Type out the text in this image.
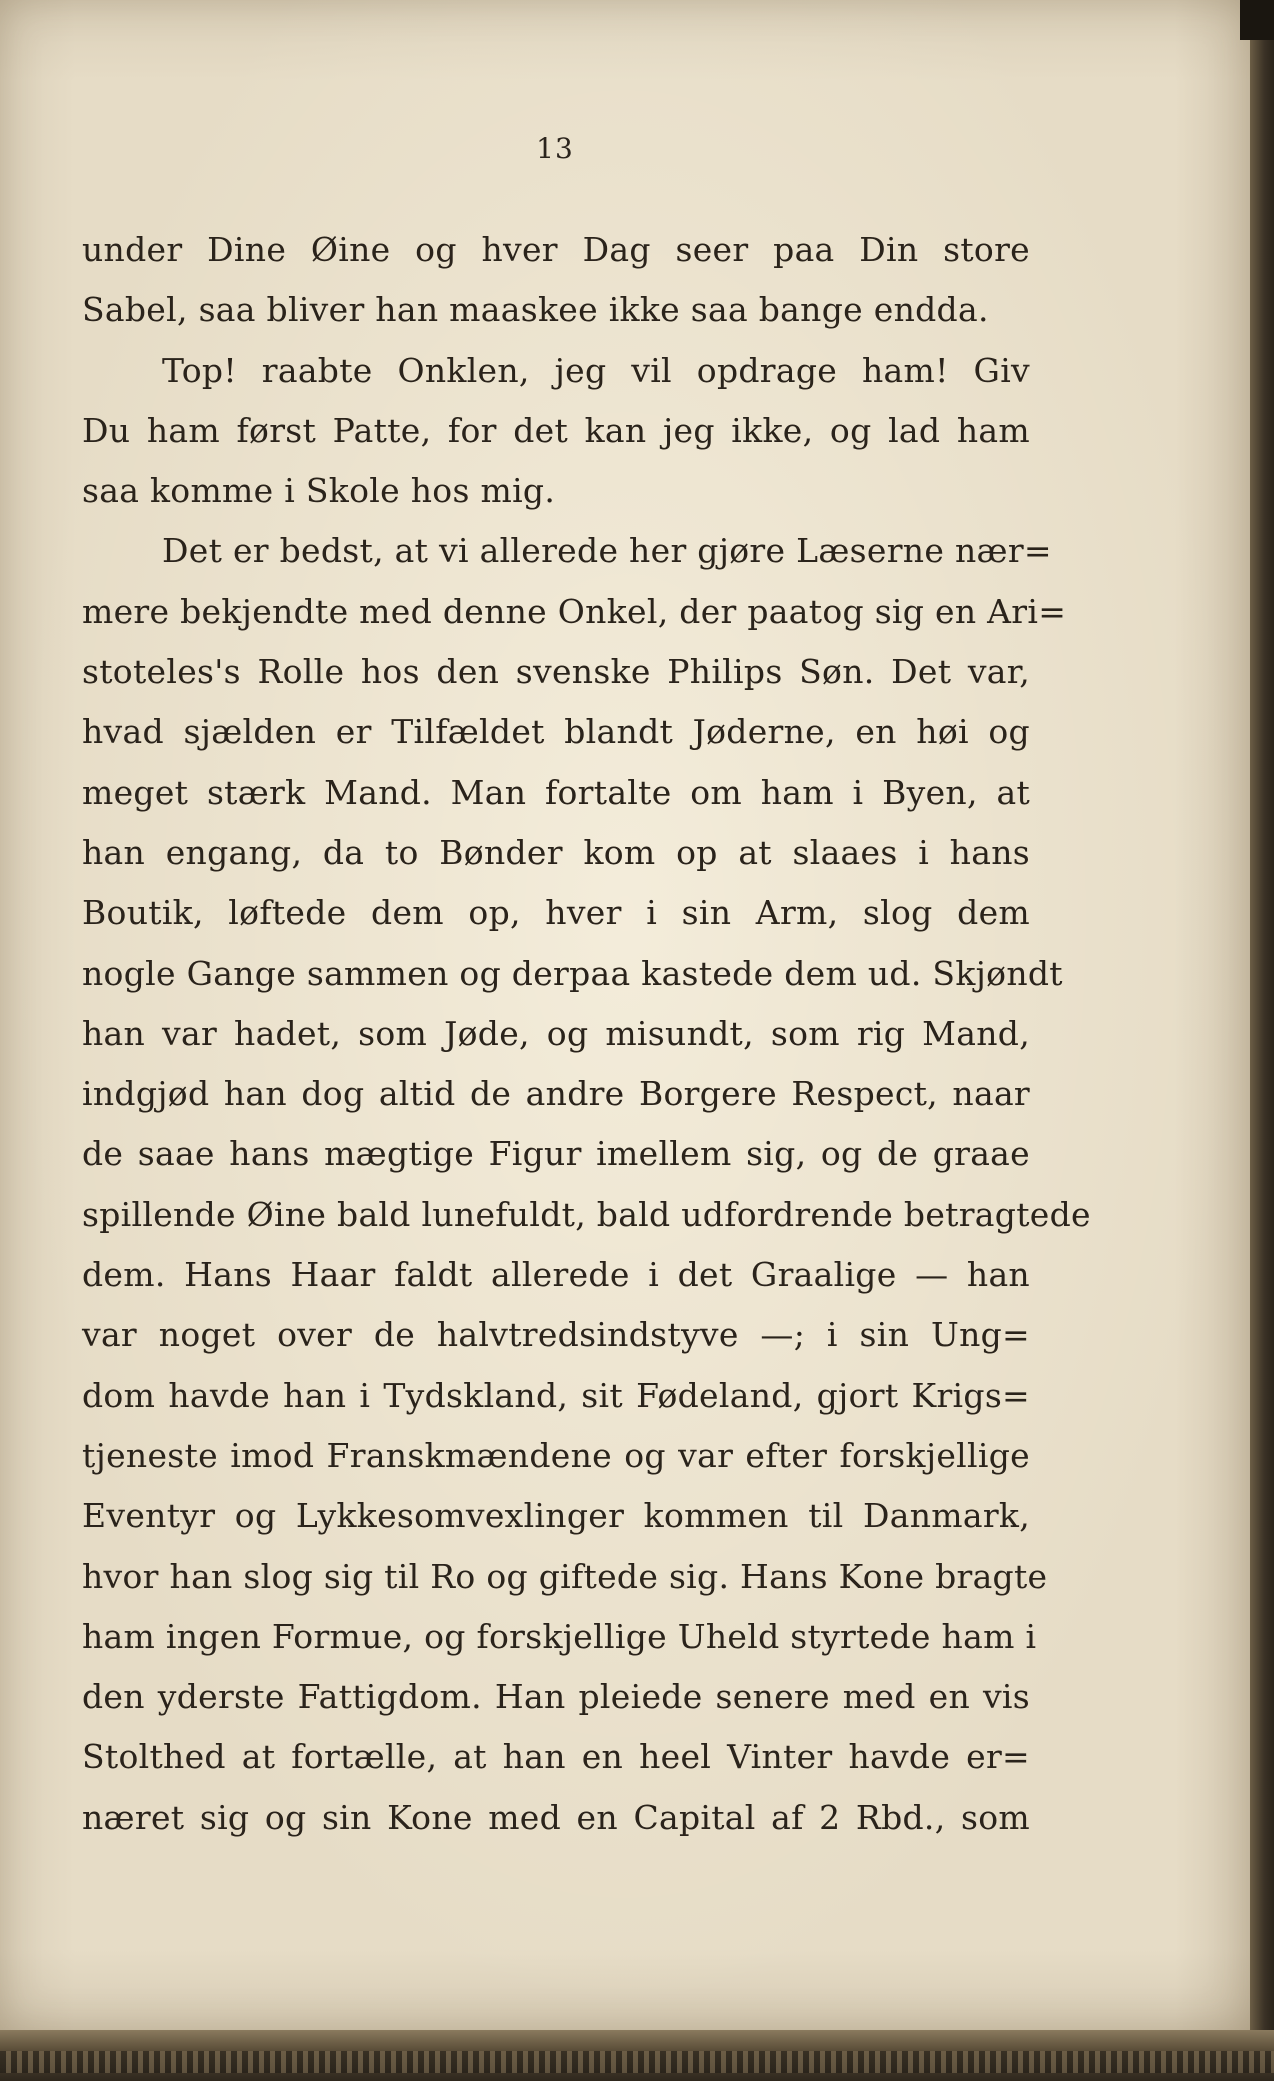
13
under Dine Øine og hver Dag seer paa Din store
Sabel, saa bliver han maaskee ikke saa bange endda.
Top! raabte Onklen, jeg vil opdrage ham! Giv
Du ham først Patte, for det kan jeg ikke, og lad ham
saa komme i Skole hos mig.
Det er bedst, at vi allerede her gjøre Læserne nær=
mere bekjendte med denne Onkel, der paatog sig en Ari=
stoteles's Rolle hos den svenske Philips Søn. Det var,
hvad sjælden er Tilfældet blandt Jøderne, en høi og
meget stærk Mand. Man fortalte om ham i Byen, at
han engang, da to Bønder kom op at slaaes i hans
Boutik, løftede dem op, hver i sin Arm, slog dem
nogle Gange sammen og derpaa kastede dem ud. Skjøndt
han var hadet, som Jøde, og misundt, som rig Mand,
indgjød han dog altid de andre Borgere Respect, naar
de saae hans mægtige Figur imellem sig, og de graae
spillende Øine bald lunefuldt, bald udfordrende betragtede
dem. Hans Haar faldt allerede i det Graalige — han
var noget over de halvtredsindstyve —; i sin Ung=
dom havde han i Tydskland, sit Fødeland, gjort Krigs=
tjeneste imod Franskmændene og var efter forskjellige
Eventyr og Lykkesomvexlinger kommen til Danmark,
hvor han slog sig til Ro og giftede sig. Hans Kone bragte
ham ingen Formue, og forskjellige Uheld styrtede ham i
den yderste Fattigdom. Han pleiede senere med en vis
Stolthed at fortælle, at han en heel Vinter havde er=
næret sig og sin Kone med en Capital af 2 Rbd., som
